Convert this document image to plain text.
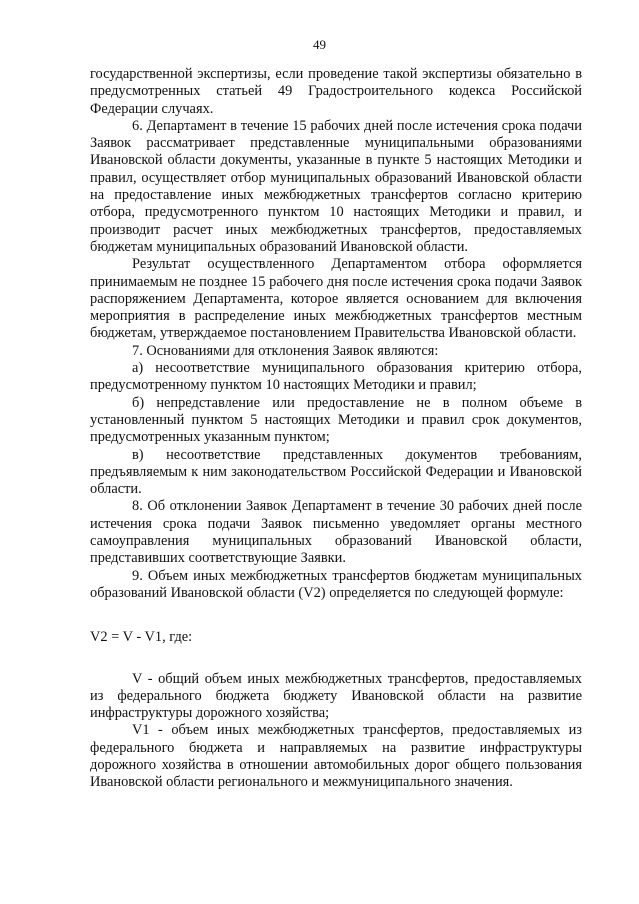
49

государственной экспертизы, если проведение такой экспертизы обязательно в предусмотренных статьей 49 Градостроительного кодекса Российской Федерации случаях.

6. Департамент в течение 15 рабочих дней после истечения срока подачи Заявок рассматривает представленные муниципальными образованиями Ивановской области документы, указанные в пункте 5 настоящих Методики и правил, осуществляет отбор муниципальных образований Ивановской области на предоставление иных межбюджетных трансфертов согласно критерию отбора, предусмотренного пунктом 10 настоящих Методики и правил, и производит расчет иных межбюджетных трансфертов, предоставляемых бюджетам муниципальных образований Ивановской области.

Результат осуществленного Департаментом отбора оформляется принимаемым не позднее 15 рабочего дня после истечения срока подачи Заявок распоряжением Департамента, которое является основанием для включения мероприятия в распределение иных межбюджетных трансфертов местным бюджетам, утверждаемое постановлением Правительства Ивановской области.

7. Основаниями для отклонения Заявок являются:

а) несоответствие муниципального образования критерию отбора, предусмотренному пунктом 10 настоящих Методики и правил;

б) непредставление или предоставление не в полном объеме в установленный пунктом 5 настоящих Методики и правил срок документов, предусмотренных указанным пунктом;

в) несоответствие представленных документов требованиям, предъявляемым к ним законодательством Российской Федерации и Ивановской области.

8. Об отклонении Заявок Департамент в течение 30 рабочих дней после истечения срока подачи Заявок письменно уведомляет органы местного самоуправления муниципальных образований Ивановской области, представивших соответствующие Заявки.

9. Объем иных межбюджетных трансфертов бюджетам муниципальных образований Ивановской области (V2) определяется по следующей формуле:

V2 = V - V1, где:

V - общий объем иных межбюджетных трансфертов, предоставляемых из федерального бюджета бюджету Ивановской области на развитие инфраструктуры дорожного хозяйства;

V1 - объем иных межбюджетных трансфертов, предоставляемых из федерального бюджета и направляемых на развитие инфраструктуры дорожного хозяйства в отношении автомобильных дорог общего пользования Ивановской области регионального и межмуниципального значения.
